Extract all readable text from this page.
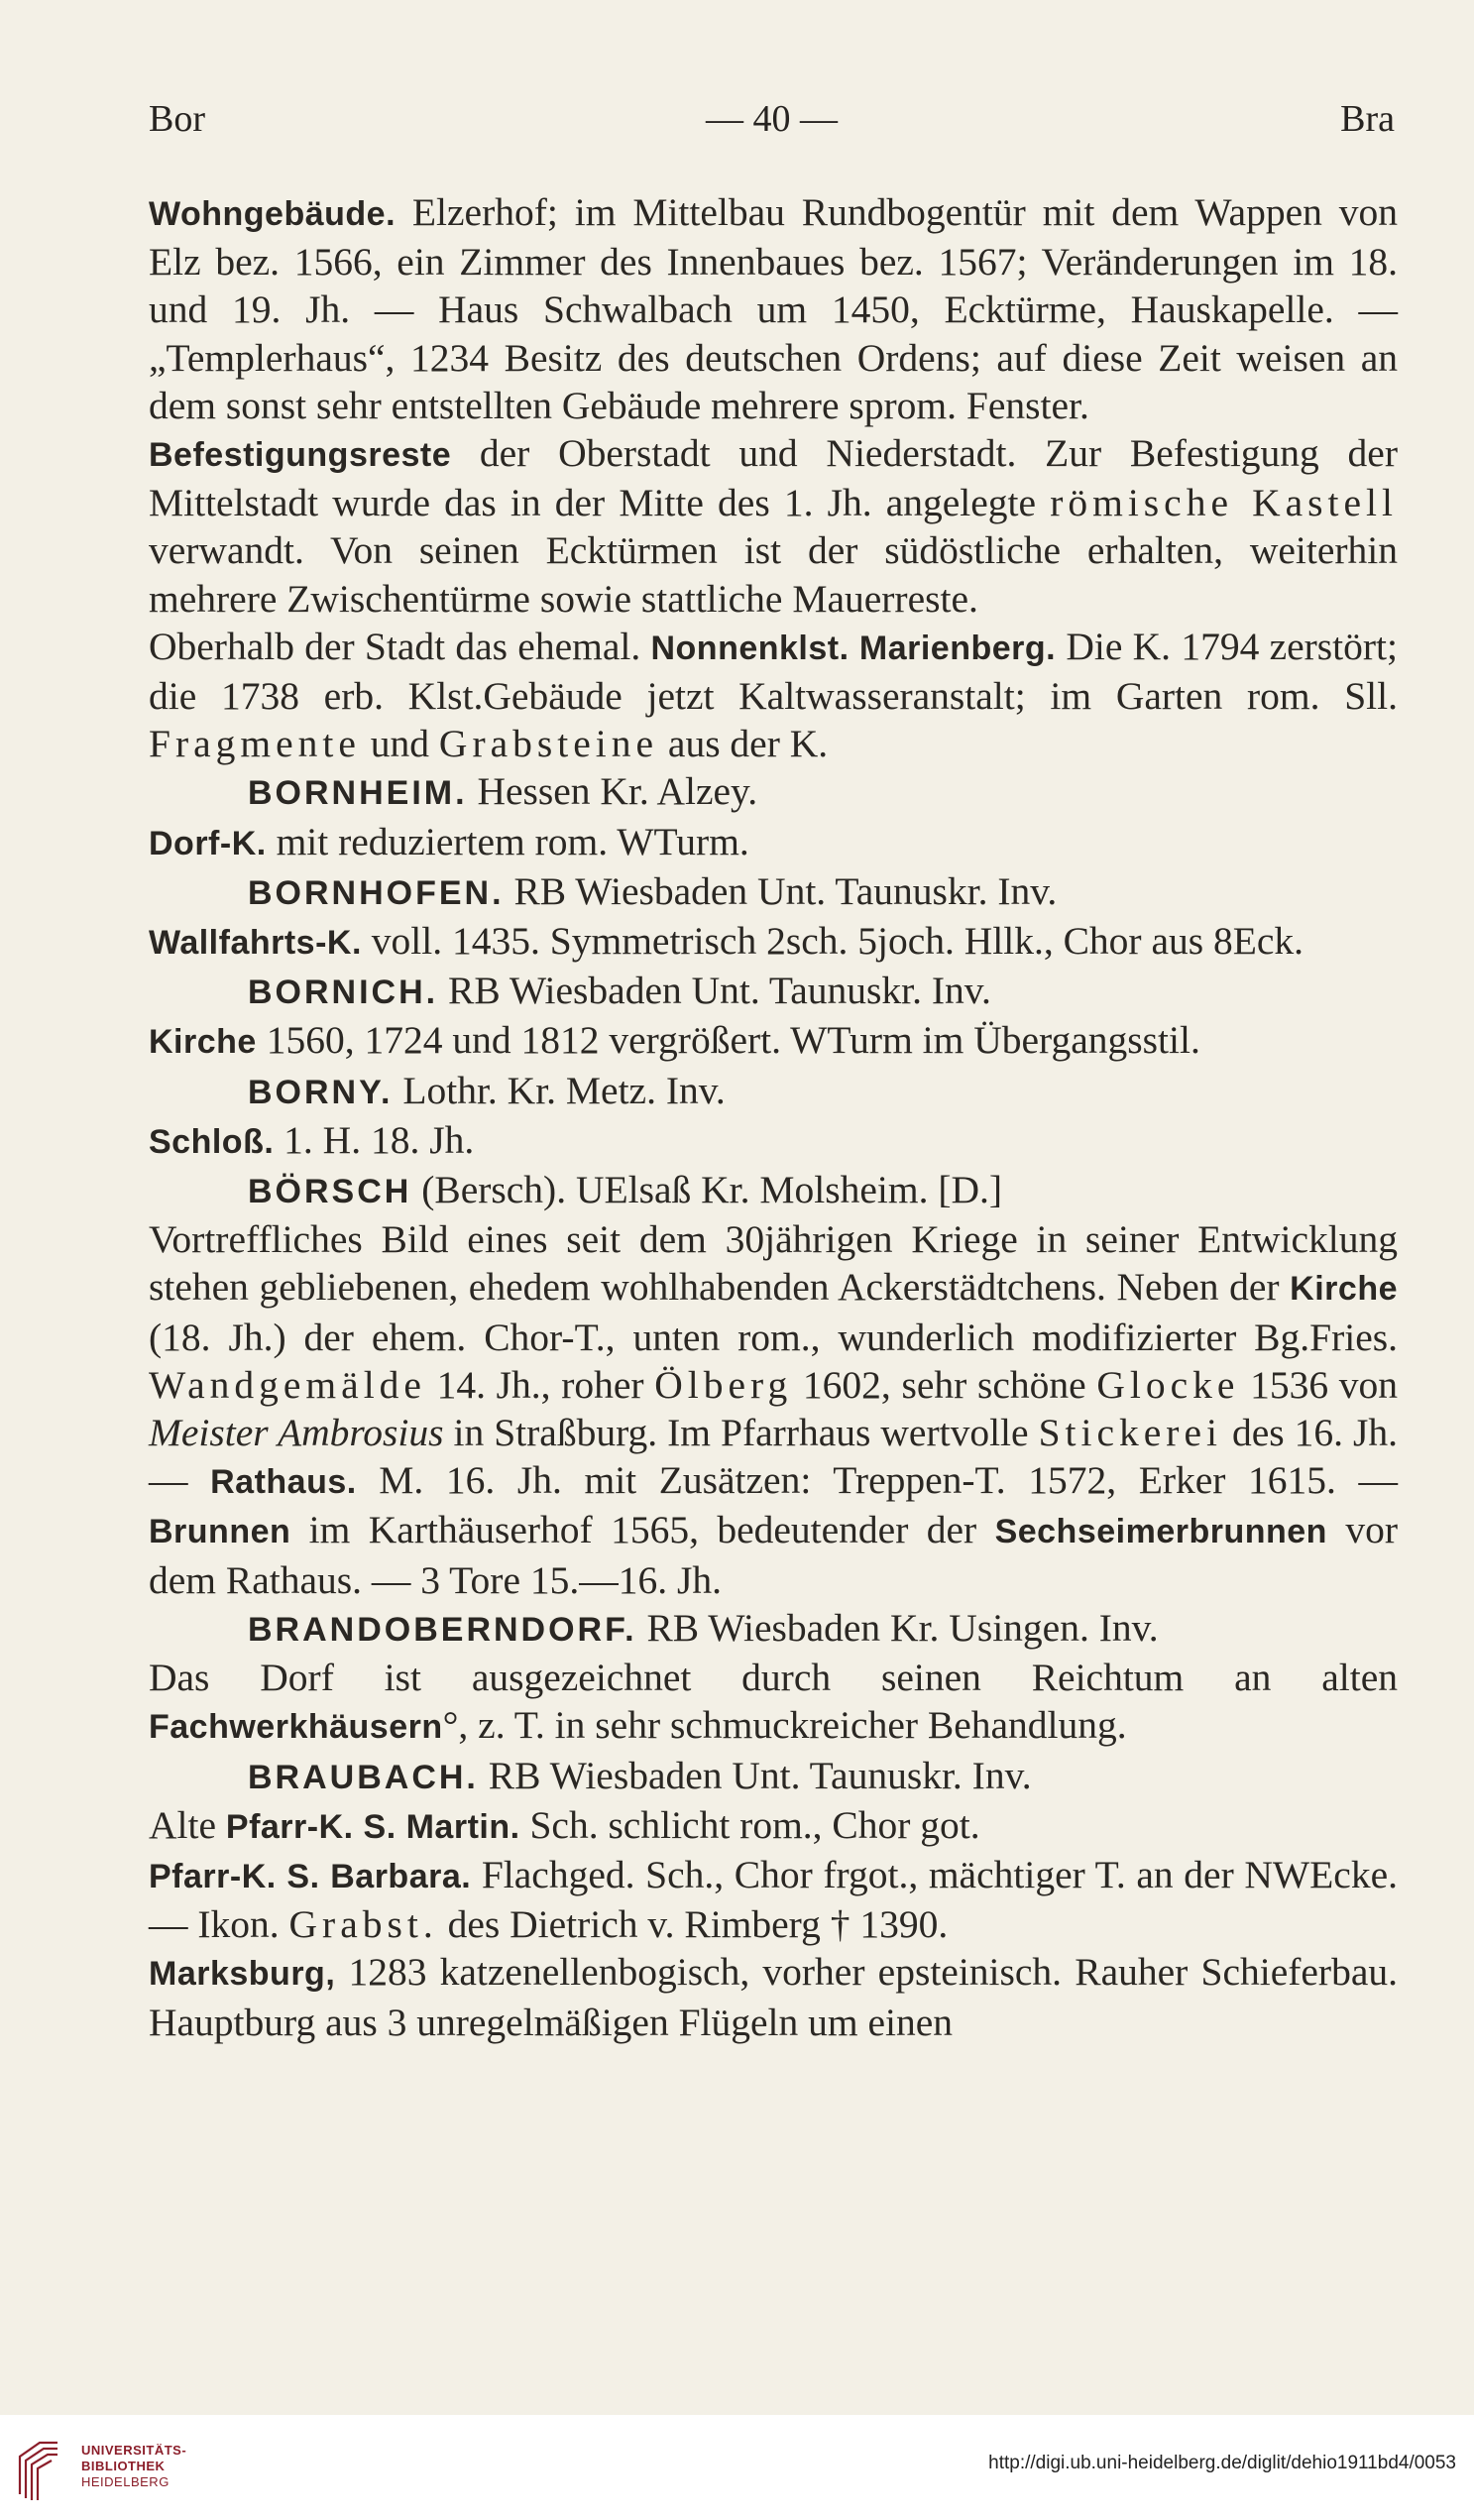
Bor	— 40 —	Bra

Wohngebäude. Elzerhof; im Mittelbau Rundbogentür mit dem Wappen von Elz bez. 1566, ein Zimmer des Innenbaues bez. 1567; Veränderungen im 18. und 19. Jh. — Haus Schwalbach um 1450, Ecktürme, Hauskapelle. — „Templerhaus“, 1234 Besitz des deutschen Ordens; auf diese Zeit weisen an dem sonst sehr entstellten Gebäude mehrere sprom. Fenster.

Befestigungsreste der Oberstadt und Niederstadt. Zur Befestigung der Mittelstadt wurde das in der Mitte des 1. Jh. angelegte römische Kastell verwandt. Von seinen Ecktürmen ist der südöstliche erhalten, weiterhin mehrere Zwischentürme sowie stattliche Mauerreste.

Oberhalb der Stadt das ehemal. Nonnenklst. Marienberg. Die K. 1794 zerstört; die 1738 erb. Klst.Gebäude jetzt Kaltwasseranstalt; im Garten rom. Sll. Fragmente und Grabsteine aus der K.

BORNHEIM. Hessen Kr. Alzey.

Dorf-K. mit reduziertem rom. WTurm.

BORNHOFEN. RB Wiesbaden Unt. Taunuskr. Inv.

Wallfahrts-K. voll. 1435. Symmetrisch 2sch. 5joch. Hllk., Chor aus 8Eck.

BORNICH. RB Wiesbaden Unt. Taunuskr. Inv.

Kirche 1560, 1724 und 1812 vergrößert. WTurm im Übergangsstil.

BORNY. Lothr. Kr. Metz. Inv.

Schloß. 1. H. 18. Jh.

BÖRSCH (Bersch). UElsaß Kr. Molsheim. [D.]

Vortreffliches Bild eines seit dem 30jährigen Kriege in seiner Entwicklung stehen gebliebenen, ehedem wohlhabenden Ackerstädtchens. Neben der Kirche (18. Jh.) der ehem. Chor-T., unten rom., wunderlich modifizierter Bg.Fries. Wandgemälde 14. Jh., roher Ölberg 1602, sehr schöne Glocke 1536 von Meister Ambrosius in Straßburg. Im Pfarrhaus wertvolle Stickerei des 16. Jh. — Rathaus. M. 16. Jh. mit Zusätzen: Treppen-T. 1572, Erker 1615. — Brunnen im Karthäuserhof 1565, bedeutender der Sechseimerbrunnen vor dem Rathaus. — 3 Tore 15.—16. Jh.

BRANDOBERNDORF. RB Wiesbaden Kr. Usingen. Inv.

Das Dorf ist ausgezeichnet durch seinen Reichtum an alten Fachwerkhäusern°, z. T. in sehr schmuckreicher Behandlung.

BRAUBACH. RB Wiesbaden Unt. Taunuskr. Inv.

Alte Pfarr-K. S. Martin. Sch. schlicht rom., Chor got.

Pfarr-K. S. Barbara. Flachged. Sch., Chor frgot., mächtiger T. an der NWEcke. — Ikon. Grabst. des Dietrich v. Rimberg † 1390.

Marksburg, 1283 katzenellenbogisch, vorher epsteinisch. Rauher Schieferbau. Hauptburg aus 3 unregelmäßigen Flügeln um einen

UNIVERSITÄTS-
BIBLIOTHEK
HEIDELBERG
http://digi.ub.uni-heidelberg.de/diglit/dehio1911bd4/0053
